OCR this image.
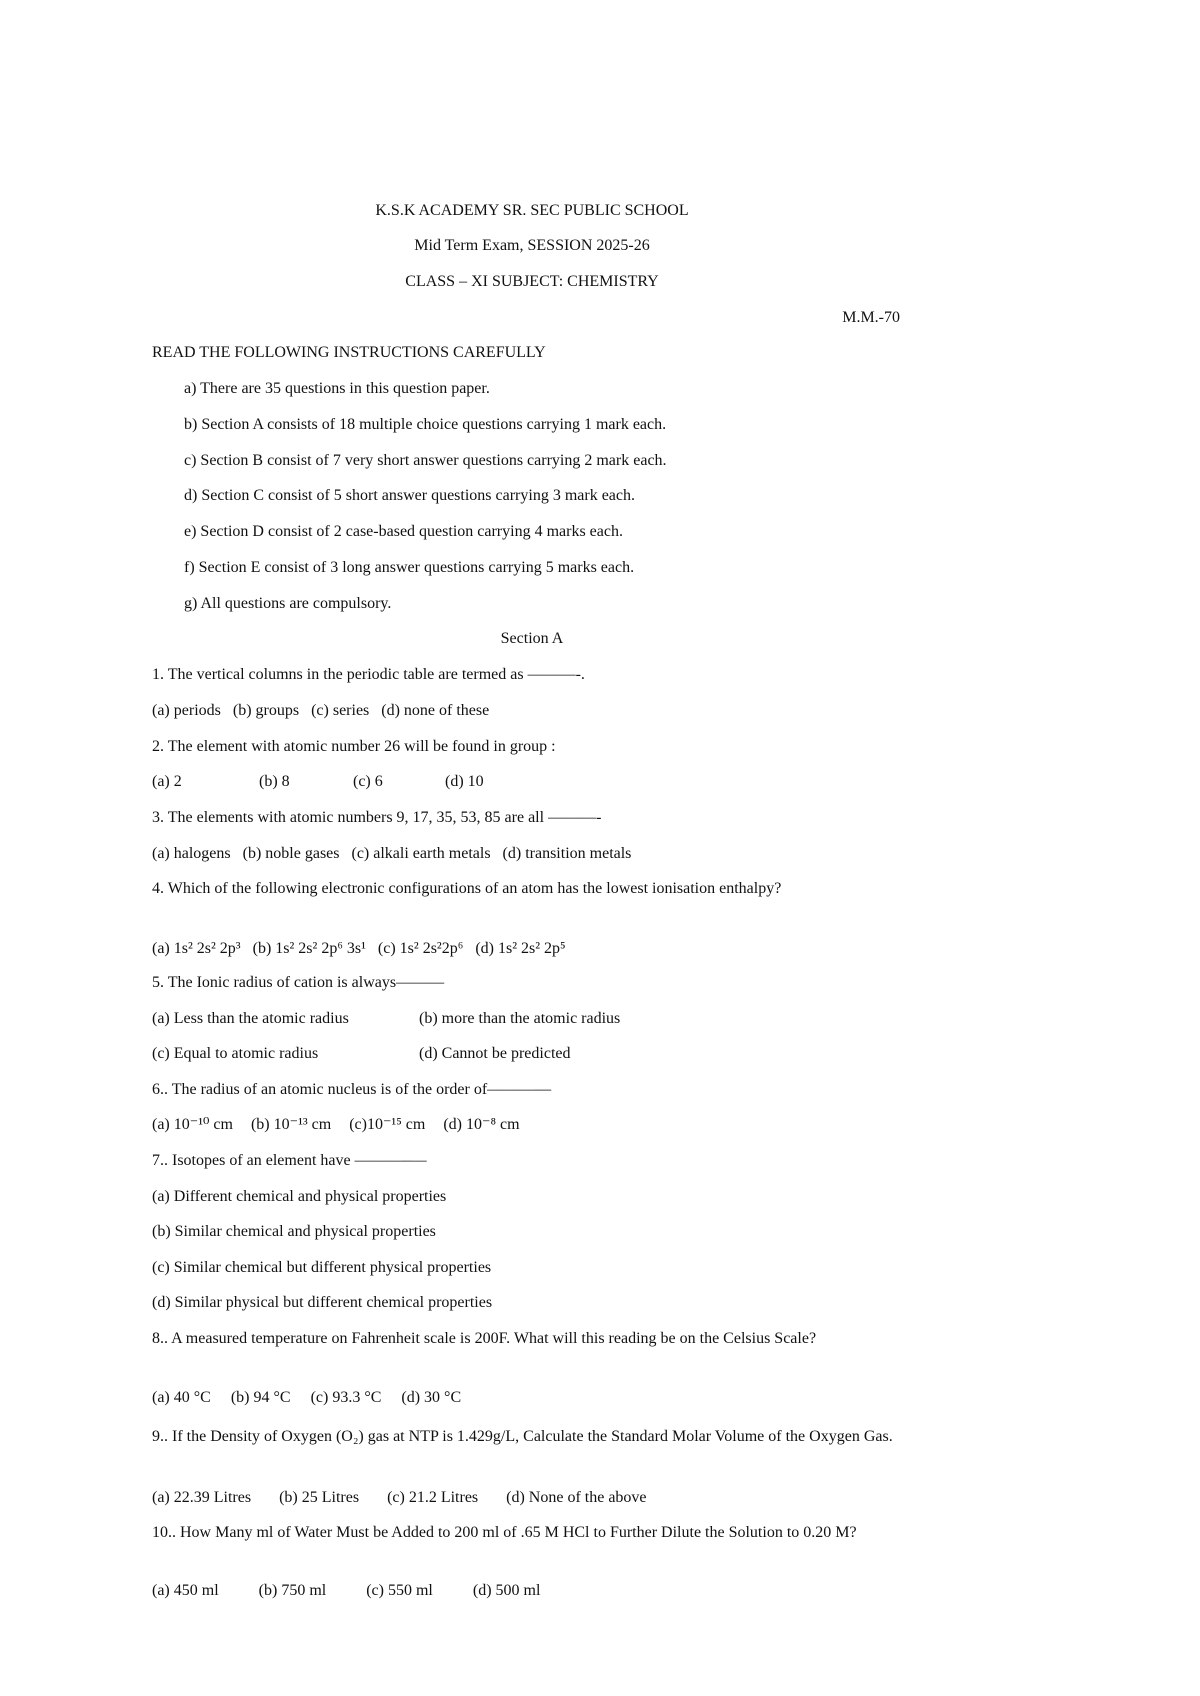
K.S.K ACADEMY SR. SEC PUBLIC SCHOOL
Mid Term Exam, SESSION 2025-26
CLASS – XI SUBJECT: CHEMISTRY
M.M.-70
READ THE FOLLOWING INSTRUCTIONS CAREFULLY
a) There are 35 questions in this question paper.
b) Section A consists of 18 multiple choice questions carrying 1 mark each.
c) Section B consist of 7 very short answer questions carrying 2 mark each.
d) Section C consist of 5 short answer questions carrying 3 mark each.
e) Section D consist of 2 case-based question carrying 4 marks each.
f) Section E consist of 3 long answer questions carrying 5 marks each.
g) All questions are compulsory.
Section A
1. The vertical columns in the periodic table are termed as ———-.
(a) periods (b) groups (c) series (d) none of these
2. The element with atomic number 26 will be found in group :
(a) 2	(b) 8	(c) 6	(d) 10
3. The elements with atomic numbers 9, 17, 35, 53, 85 are all ———-
(a) halogens (b) noble gases (c) alkali earth metals (d) transition metals
4. Which of the following electronic configurations of an atom has the lowest ionisation enthalpy?
(a) 1s² 2s² 2p³ (b) 1s² 2s² 2p⁶ 3s¹ (c) 1s² 2s²2p⁶ (d) 1s² 2s² 2p⁵
5. The Ionic radius of cation is always———
(a) Less than the atomic radius	(b) more than the atomic radius
(c) Equal to atomic radius	(d) Cannot be predicted
6.. The radius of an atomic nucleus is of the order of———––
(a) 10⁻¹⁰ cm (b) 10⁻¹³ cm (c)10⁻¹⁵ cm (d) 10⁻⁸ cm
7.. Isotopes of an element have ———–—
(a) Different chemical and physical properties
(b) Similar chemical and physical properties
(c) Similar chemical but different physical properties
(d) Similar physical but different chemical properties
8.. A measured temperature on Fahrenheit scale is 200F. What will this reading be on the Celsius Scale?
(a) 40 °C (b) 94 °C (c) 93.3 °C (d) 30 °C
9.. If the Density of Oxygen (O₂) gas at NTP is 1.429g/L, Calculate the Standard Molar Volume of the Oxygen Gas.
(a) 22.39 Litres (b) 25 Litres (c) 21.2 Litres (d) None of the above
10.. How Many ml of Water Must be Added to 200 ml of .65 M HCl to Further Dilute the Solution to 0.20 M?
(a) 450 ml	(b) 750 ml	(c) 550 ml	(d) 500 ml
